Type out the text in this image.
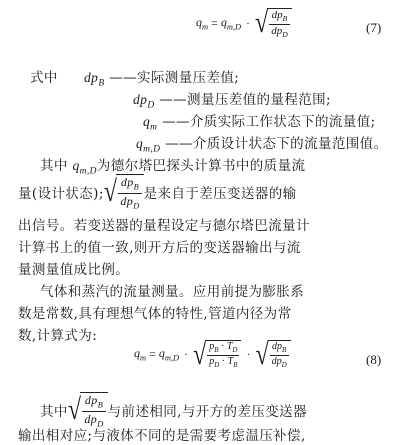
$q_m = q_{m,D}$ · √ $\frac{dp_B}{dp_D}$	(7)
式中 $dp_B$ ——实际测量压差值;
$dp_D$ ——测量压差值的量程范围;
$q_m$ ——介质实际工作状态下的流量值;
$q_{m,D}$ ——介质设计状态下的流量范围值。
其中 $q_{m,D}$为德尔塔巴探头计算书中的质量流
量(设计状态); √ $\frac{dp_B}{dp_D}$ 是来自于差压变送器的输
出信号。若变送器的量程设定与德尔塔巴流量计
计算书上的值一致,则开方后的变送器输出与流
量测量值成比例。
气体和蒸汽的流量测量。应用前提为膨胀系
数是常数,具有理想气体的特性,管道内径为常
数,计算式为:
$q_m = q_{m,D}$ · √ $\frac{p_B \cdot T_D}{p_D \cdot T_B}$ · √ $\frac{dp_B}{dp_D}$	(8)
其中 √ $\frac{dp_B}{dp_D}$ 与前述相同,与开方的差压变送器
输出相对应;与液体不同的是需要考虑温压补偿,
